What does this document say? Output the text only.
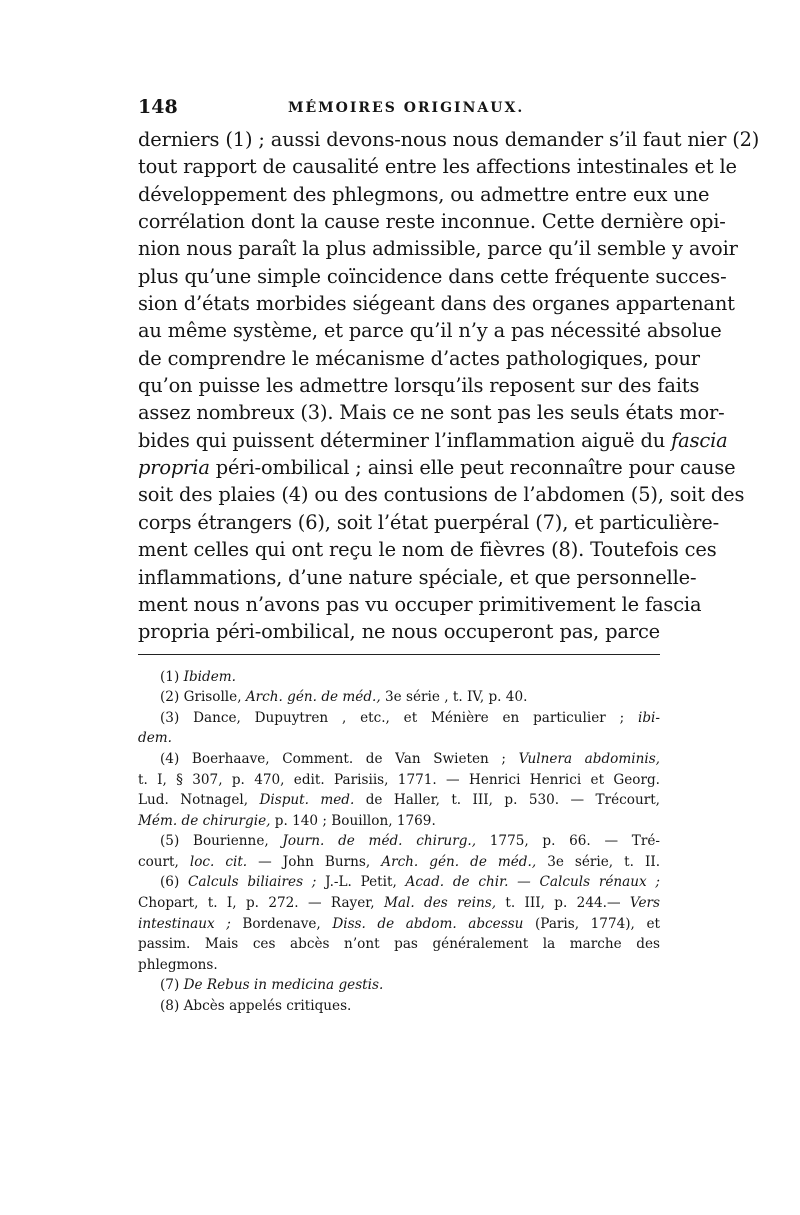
148	MÉMOIRES ORIGINAUX.
derniers (1) ; aussi devons-nous nous demander s’il faut nier (2)
tout rapport de causalité entre les affections intestinales et le
développement des phlegmons, ou admettre entre eux une
corrélation dont la cause reste inconnue. Cette dernière opi-
nion nous paraît la plus admissible, parce qu’il semble y avoir
plus qu’une simple coïncidence dans cette fréquente succes-
sion d’états morbides siégeant dans des organes appartenant
au même système, et parce qu’il n’y a pas nécessité absolue
de comprendre le mécanisme d’actes pathologiques, pour
qu’on puisse les admettre lorsqu’ils reposent sur des faits
assez nombreux (3). Mais ce ne sont pas les seuls états mor-
bides qui puissent déterminer l’inflammation aiguë du fascia
propria péri-ombilical ; ainsi elle peut reconnaître pour cause
soit des plaies (4) ou des contusions de l’abdomen (5), soit des
corps étrangers (6), soit l’état puerpéral (7), et particulière-
ment celles qui ont reçu le nom de fièvres (8). Toutefois ces
inflammations, d’une nature spéciale, et que personnelle-
ment nous n’avons pas vu occuper primitivement le fascia
propria péri-ombilical, ne nous occuperont pas, parce
(1) Ibidem.
(2) Grisolle, Arch. gén. de méd., 3e série , t. IV, p. 40.
(3) Dance, Dupuytren , etc., et Ménière en particulier ; ibi-
dem.
(4) Boerhaave, Comment. de Van Swieten ; Vulnera abdominis,
t. I, § 307, p. 470, edit. Parisiis, 1771. — Henrici Henrici et Georg.
Lud. Notnagel, Disput. med. de Haller, t. III, p. 530. — Trécourt,
Mém. de chirurgie, p. 140 ; Bouillon, 1769.
(5) Bourienne, Journ. de méd. chirurg., 1775, p. 66. — Tré-
court, loc. cit. — John Burns, Arch. gén. de méd., 3e série, t. II.
(6) Calculs biliaires ; J.-L. Petit, Acad. de chir. — Calculs rénaux ;
Chopart, t. I, p. 272. — Rayer, Mal. des reins, t. III, p. 244.— Vers
intestinaux ; Bordenave, Diss. de abdom. abcessu (Paris, 1774), et
passim. Mais ces abcès n’ont pas généralement la marche des
phlegmons.
(7) De Rebus in medicina gestis.
(8) Abcès appelés critiques.
